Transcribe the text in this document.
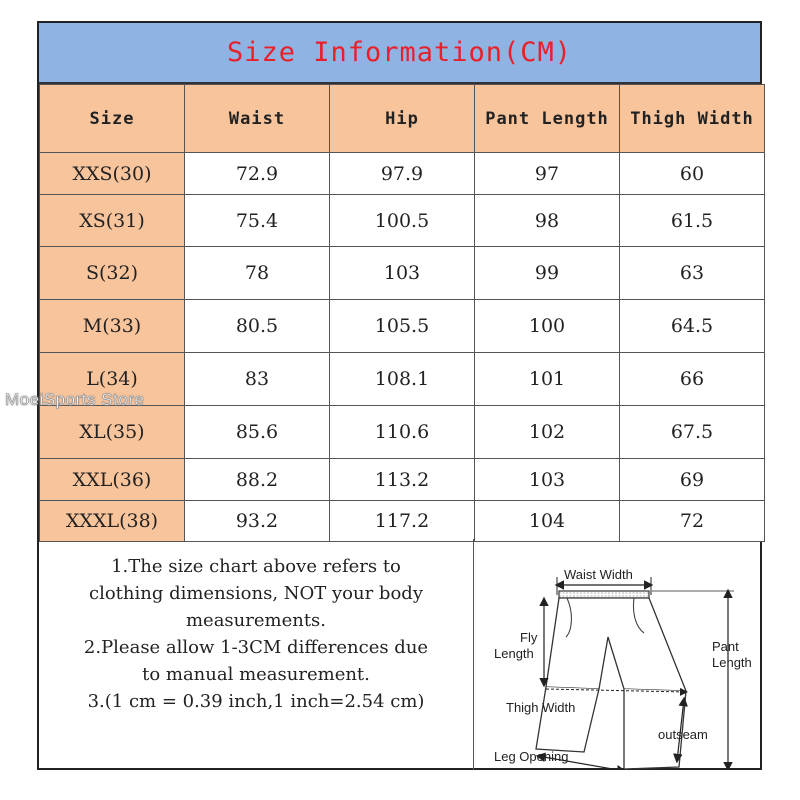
Size Information(CM)
Size	Waist	Hip	Pant Length	Thigh Width
XXS(30)	72.9	97.9	97	60
XS(31)	75.4	100.5	98	61.5
S(32)	78	103	99	63
M(33)	80.5	105.5	100	64.5
L(34)	83	108.1	101	66
XL(35)	85.6	110.6	102	67.5
XXL(36)	88.2	113.2	103	69
XXXL(38)	93.2	117.2	104	72
1.The size chart above refers to
clothing dimensions, NOT your body
measurements.
2.Please allow 1-3CM differences due
to manual measurement.
3.(1 cm = 0.39 inch,1 inch=2.54 cm)
Waist Width
Fly
Length	Pant
Length
Thigh Width
outseam
Leg Opening
MoeiSports Store
